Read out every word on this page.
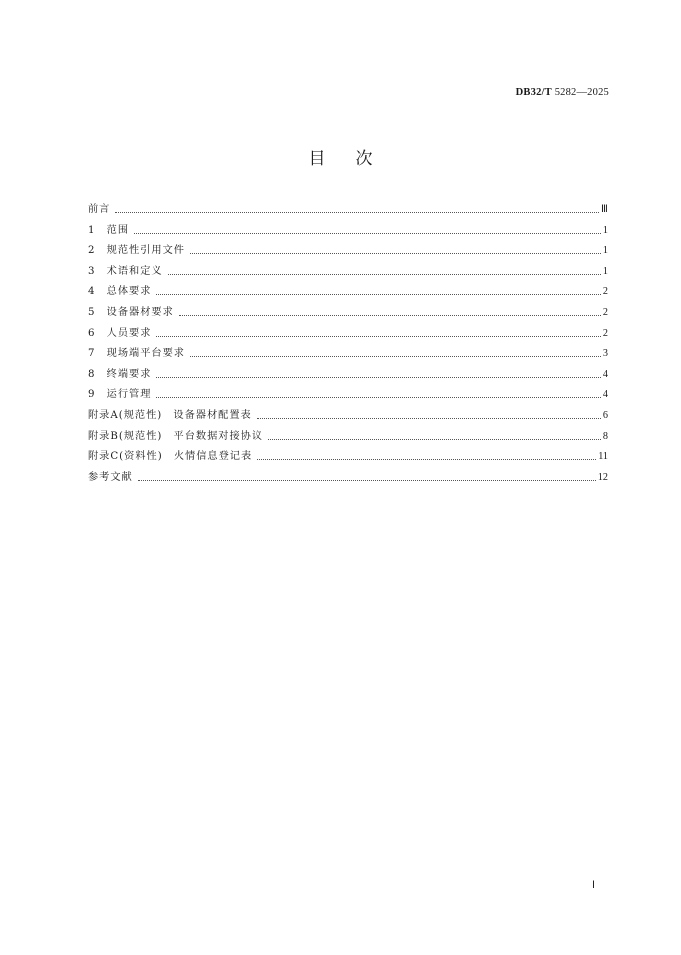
DB32/T 5282—2025
目次
前言	Ⅲ
1　范围	1
2　规范性引用文件	1
3　术语和定义	1
4　总体要求	2
5　设备器材要求	2
6　人员要求	2
7　现场端平台要求	3
8　终端要求	4
9　运行管理	4
附录A(规范性)　设备器材配置表	6
附录B(规范性)　平台数据对接协议	8
附录C(资料性)　火情信息登记表	11
参考文献	12
Ⅰ
